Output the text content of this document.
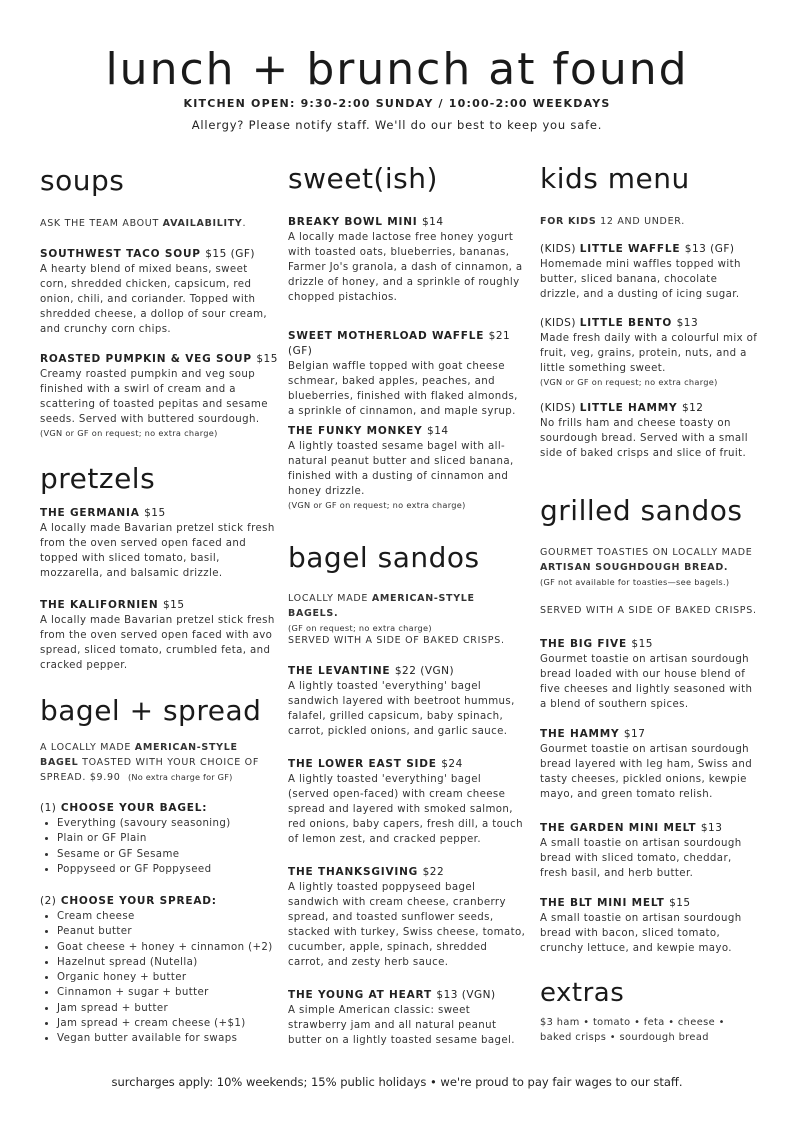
lunch + brunch at found
KITCHEN OPEN: 9:30-2:00 SUNDAY / 10:00-2:00 WEEKDAYS
Allergy? Please notify staff. We'll do our best to keep you safe.
soups
ASK THE TEAM ABOUT AVAILABILITY.
SOUTHWEST TACO SOUP $15 (GF)
A hearty blend of mixed beans, sweet corn, shredded chicken, capsicum, red onion, chili, and coriander. Topped with shredded cheese, a dollop of sour cream, and crunchy corn chips.
ROASTED PUMPKIN & VEG SOUP $15
Creamy roasted pumpkin and veg soup finished with a swirl of cream and a scattering of toasted pepitas and sesame seeds. Served with buttered sourdough.
(VGN or GF on request; no extra charge)
pretzels
THE GERMANIA $15
A locally made Bavarian pretzel stick fresh from the oven served open faced and topped with sliced tomato, basil, mozzarella, and balsamic drizzle.
THE KALIFORNIEN $15
A locally made Bavarian pretzel stick fresh from the oven served open faced with avo spread, sliced tomato, crumbled feta, and cracked pepper.
bagel + spread
A LOCALLY MADE AMERICAN-STYLE BAGEL TOASTED WITH YOUR CHOICE OF SPREAD. $9.90 (No extra charge for GF)
(1) CHOOSE YOUR BAGEL:
• Everything (savoury seasoning)
• Plain or GF Plain
• Sesame or GF Sesame
• Poppyseed or GF Poppyseed
(2) CHOOSE YOUR SPREAD:
• Cream cheese
• Peanut butter
• Goat cheese + honey + cinnamon (+2)
• Hazelnut spread (Nutella)
• Organic honey + butter
• Cinnamon + sugar + butter
• Jam spread + butter
• Jam spread + cream cheese (+$1)
• Vegan butter available for swaps
sweet(ish)
BREAKY BOWL MINI $14
A locally made lactose free honey yogurt with toasted oats, blueberries, bananas, Farmer Jo's granola, a dash of cinnamon, a drizzle of honey, and a sprinkle of roughly chopped pistachios.
SWEET MOTHERLOAD WAFFLE $21 (GF)
Belgian waffle topped with goat cheese schmear, baked apples, peaches, and blueberries, finished with flaked almonds, a sprinkle of cinnamon, and maple syrup.
THE FUNKY MONKEY $14
A lightly toasted sesame bagel with all-natural peanut butter and sliced banana, finished with a dusting of cinnamon and honey drizzle.
(VGN or GF on request; no extra charge)
bagel sandos
LOCALLY MADE AMERICAN-STYLE BAGELS.
(GF on request; no extra charge)
SERVED WITH A SIDE OF BAKED CRISPS.
THE LEVANTINE $22 (VGN)
A lightly toasted 'everything' bagel sandwich layered with beetroot hummus, falafel, grilled capsicum, baby spinach, carrot, pickled onions, and garlic sauce.
THE LOWER EAST SIDE $24
A lightly toasted 'everything' bagel (served open-faced) with cream cheese spread and layered with smoked salmon, red onions, baby capers, fresh dill, a touch of lemon zest, and cracked pepper.
THE THANKSGIVING $22
A lightly toasted poppyseed bagel sandwich with cream cheese, cranberry spread, and toasted sunflower seeds, stacked with turkey, Swiss cheese, tomato, cucumber, apple, spinach, shredded carrot, and zesty herb sauce.
THE YOUNG AT HEART $13 (VGN)
A simple American classic: sweet strawberry jam and all natural peanut butter on a lightly toasted sesame bagel.
kids menu
FOR KIDS 12 AND UNDER.
(KIDS) LITTLE WAFFLE $13 (GF)
Homemade mini waffles topped with butter, sliced banana, chocolate drizzle, and a dusting of icing sugar.
(KIDS) LITTLE BENTO $13
Made fresh daily with a colourful mix of fruit, veg, grains, protein, nuts, and a little something sweet.
(VGN or GF on request; no extra charge)
(KIDS) LITTLE HAMMY $12
No frills ham and cheese toasty on sourdough bread. Served with a small side of baked crisps and slice of fruit.
grilled sandos
GOURMET TOASTIES ON LOCALLY MADE ARTISAN SOUGHDOUGH BREAD.
(GF not available for toasties—see bagels.)
SERVED WITH A SIDE OF BAKED CRISPS.
THE BIG FIVE $15
Gourmet toastie on artisan sourdough bread loaded with our house blend of five cheeses and lightly seasoned with a blend of southern spices.
THE HAMMY $17
Gourmet toastie on artisan sourdough bread layered with leg ham, Swiss and tasty cheeses, pickled onions, kewpie mayo, and green tomato relish.
THE GARDEN MINI MELT $13
A small toastie on artisan sourdough bread with sliced tomato, cheddar, fresh basil, and herb butter.
THE BLT MINI MELT $15
A small toastie on artisan sourdough bread with bacon, sliced tomato, crunchy lettuce, and kewpie mayo.
extras
$3 ham • tomato • feta • cheese •
baked crisps • sourdough bread
surcharges apply: 10% weekends; 15% public holidays • we're proud to pay fair wages to our staff.
